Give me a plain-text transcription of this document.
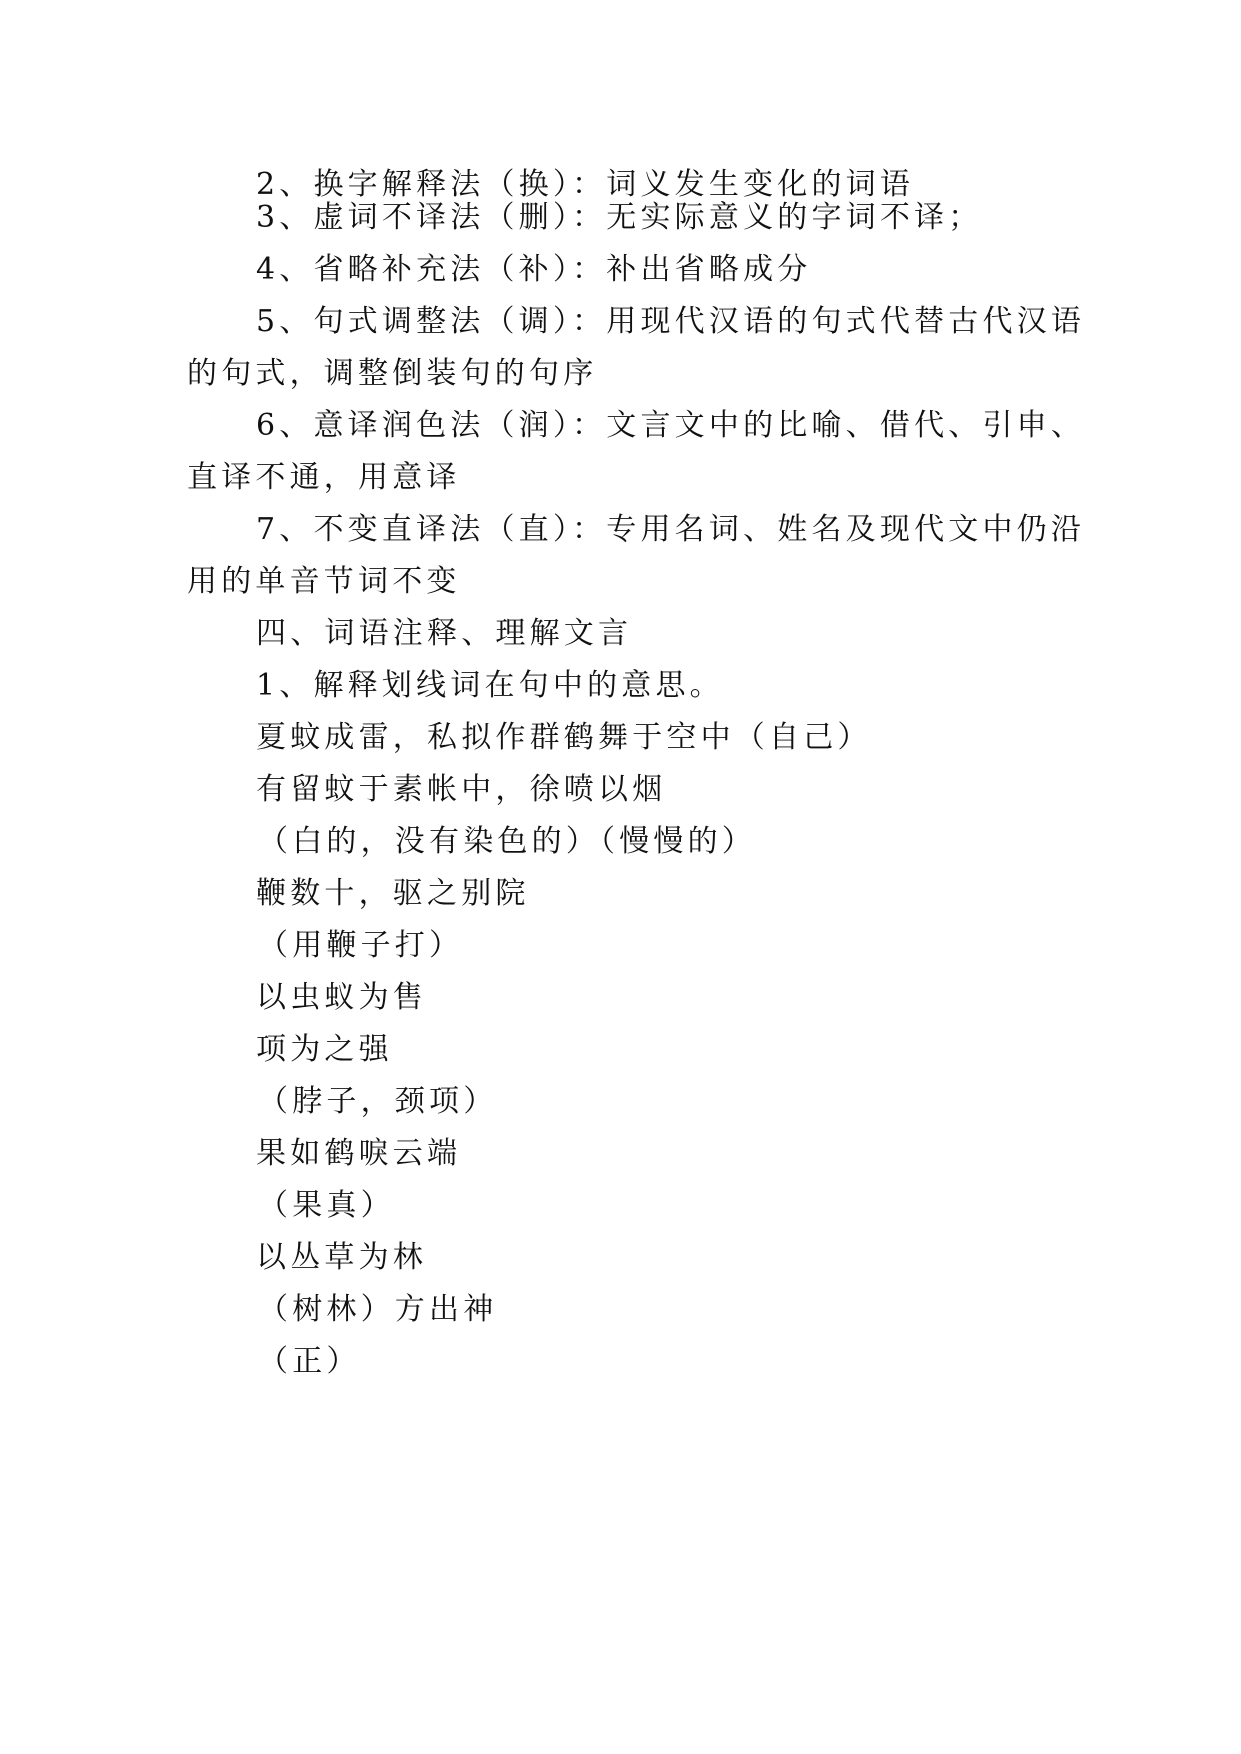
2、换字解释法（换）：词义发生变化的词语
3、虚词不译法（删）：无实际意义的字词不译；
4、省略补充法（补）：补出省略成分
5、句式调整法（调）：用现代汉语的句式代替古代汉语
的句式，调整倒装句的句序
6、意译润色法（润）：文言文中的比喻、借代、引申、
直译不通，用意译
7、不变直译法（直）：专用名词、姓名及现代文中仍沿
用的单音节词不变
四、词语注释、理解文言
1、解释划线词在句中的意思。
夏蚊成雷，私拟作群鹤舞于空中（自己）
有留蚊于素帐中，徐喷以烟
（白的，没有染色的）（慢慢的）
鞭数十，驱之别院
（用鞭子打）
以虫蚁为售
项为之强
（脖子，颈项）
果如鹤唳云端
（果真）
以丛草为林
（树林）方出神
（正）
